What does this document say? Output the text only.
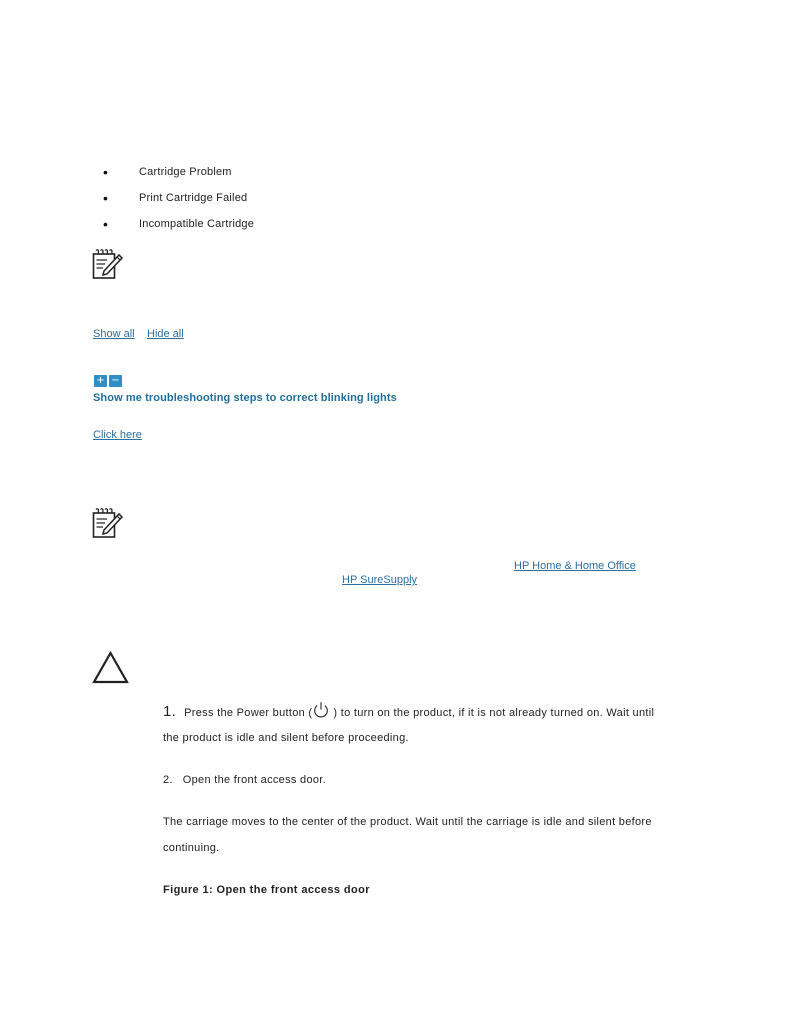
•	Cartridge Problem
•	Print Cartridge Failed
•	Incompatible Cartridge
Show all Hide all
+ −
Show me troubleshooting steps to correct blinking lights
Click here
HP Home & Home Office
HP SureSupply
1. Press the Power button ( ) to turn on the product, if it is not already turned on. Wait until
the product is idle and silent before proceeding.
2. Open the front access door.
The carriage moves to the center of the product. Wait until the carriage is idle and silent before
continuing.
Figure 1: Open the front access door
